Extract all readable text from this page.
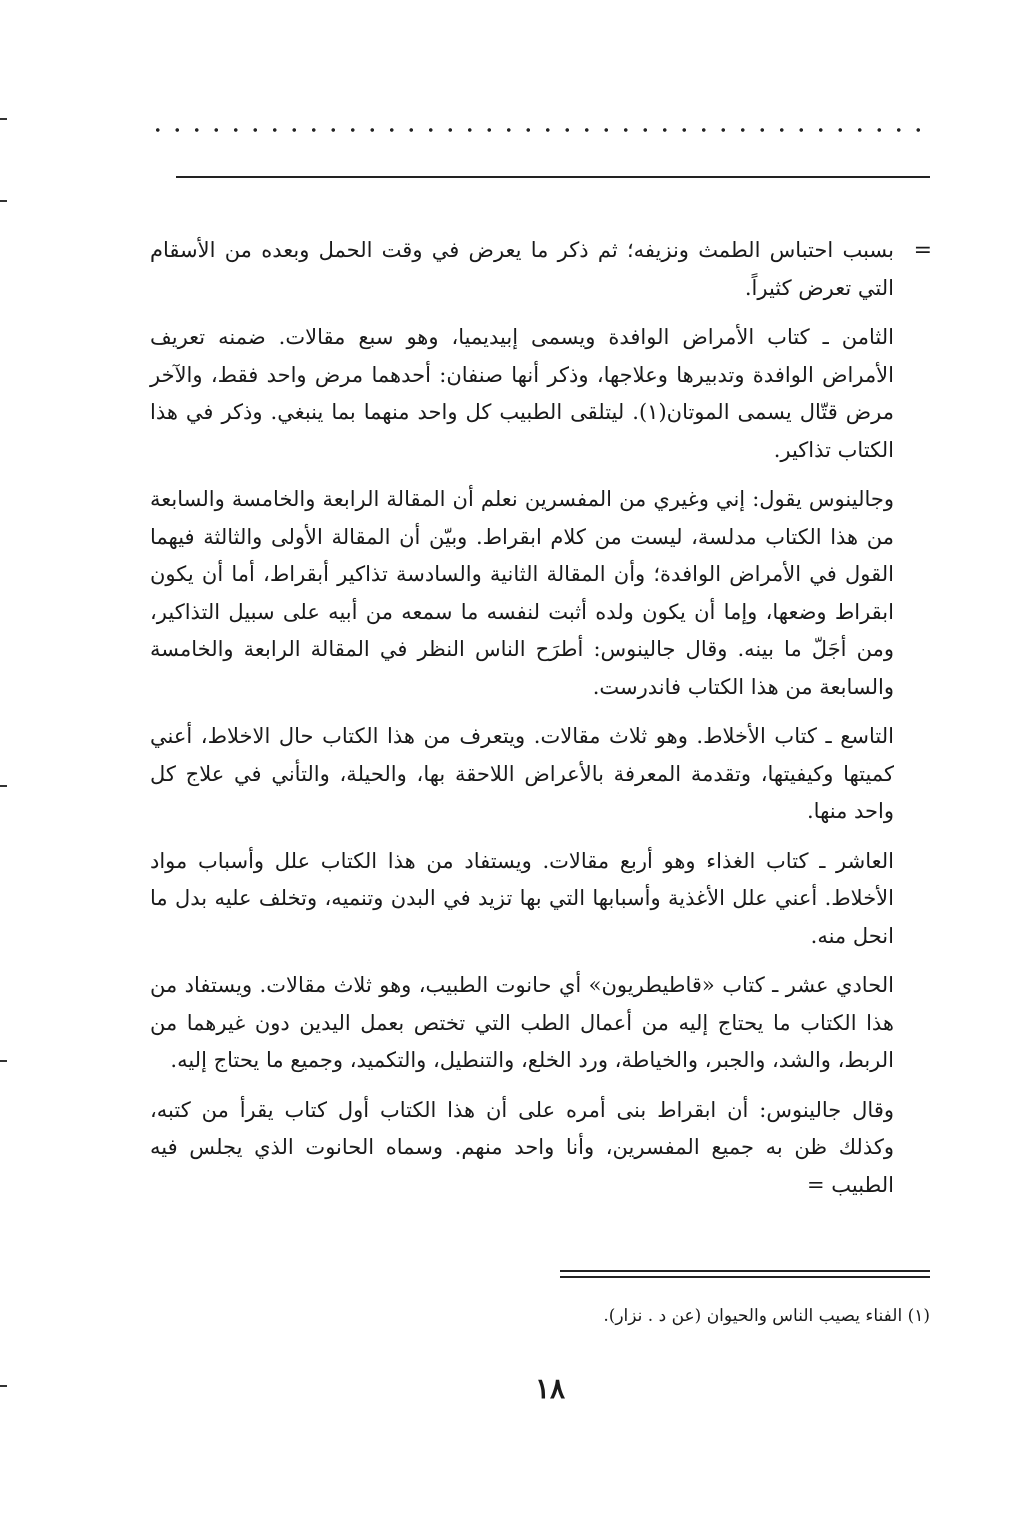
=
بسبب احتباس الطمث ونزيفه؛ ثم ذكر ما يعرض في وقت الحمل وبعده من الأسقام التي تعرض كثيراً.

الثامن ـ كتاب الأمراض الوافدة ويسمى إبيديميا، وهو سبع مقالات. ضمنه تعريف الأمراض الوافدة وتدبيرها وعلاجها، وذكر أنها صنفان: أحدهما مرض واحد فقط، والآخر مرض قتّال يسمى الموتان(١). ليتلقى الطبيب كل واحد منهما بما ينبغي. وذكر في هذا الكتاب تذاكير.

وجالينوس يقول: إني وغيري من المفسرين نعلم أن المقالة الرابعة والخامسة والسابعة من هذا الكتاب مدلسة، ليست من كلام ابقراط. وبيّن أن المقالة الأولى والثالثة فيهما القول في الأمراض الوافدة؛ وأن المقالة الثانية والسادسة تذاكير أبقراط، أما أن يكون ابقراط وضعها، وإما أن يكون ولده أثبت لنفسه ما سمعه من أبيه على سبيل التذاكير، ومن أجَلّ ما بينه. وقال جالينوس: أطرَح الناس النظر في المقالة الرابعة والخامسة والسابعة من هذا الكتاب فاندرست.

التاسع ـ كتاب الأخلاط. وهو ثلاث مقالات. ويتعرف من هذا الكتاب حال الاخلاط، أعني كميتها وكيفيتها، وتقدمة المعرفة بالأعراض اللاحقة بها، والحيلة، والتأني في علاج كل واحد منها.

العاشر ـ كتاب الغذاء وهو أربع مقالات. ويستفاد من هذا الكتاب علل وأسباب مواد الأخلاط. أعني علل الأغذية وأسبابها التي بها تزيد في البدن وتنميه، وتخلف عليه بدل ما انحل منه.

الحادي عشر ـ كتاب «قاطيطريون» أي حانوت الطبيب، وهو ثلاث مقالات. ويستفاد من هذا الكتاب ما يحتاج إليه من أعمال الطب التي تختص بعمل اليدين دون غيرهما من الربط، والشد، والجبر، والخياطة، ورد الخلع، والتنطيل، والتكميد، وجميع ما يحتاج إليه.

وقال جالينوس: أن ابقراط بنى أمره على أن هذا الكتاب أول كتاب يقرأ من كتبه، وكذلك ظن به جميع المفسرين، وأنا واحد منهم. وسماه الحانوت الذي يجلس فيه الطبيب =

(١) الفناء يصيب الناس والحيوان (عن د . نزار).
١٨
